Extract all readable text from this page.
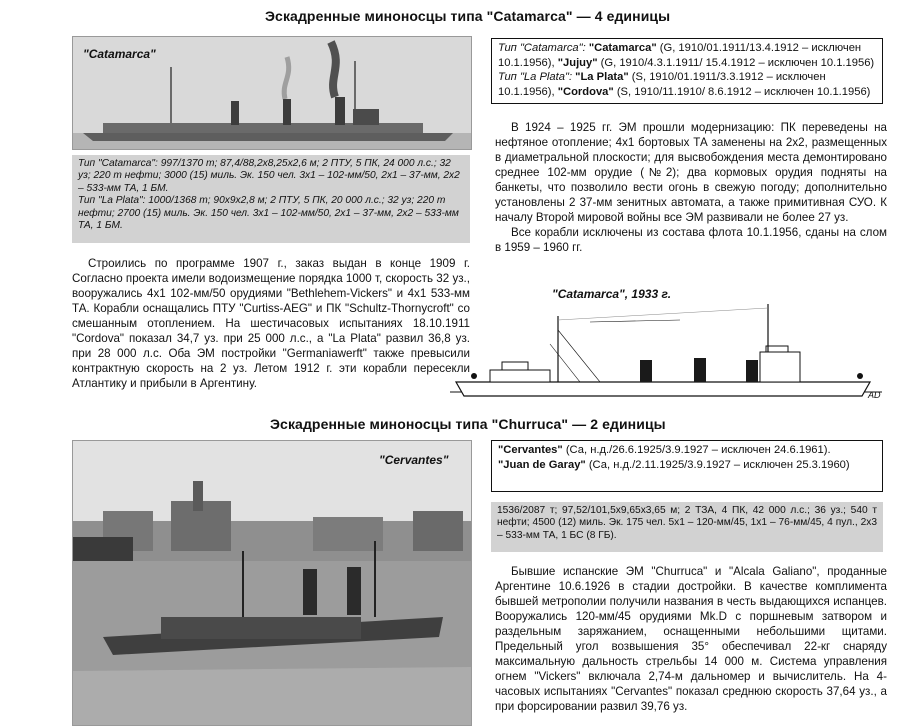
Эскадренные миноносцы типа "Catamarca" — 4 единицы
"Catamarca"

Тип "Catamarca": 997/1370 т; 87,4/88,2x8,25x2,6 м; 2 ПТУ, 5 ПК, 24 000 л.с.; 32 уз; 220 т нефти; 3000 (15) миль. Эк. 150 чел. 3x1 – 102-мм/50, 2x1 – 37-мм, 2x2 – 533-мм ТА, 1 БМ.

Тип "La Plata": 1000/1368 т; 90x9x2,8 м; 2 ПТУ, 5 ПК, 20 000 л.с.; 32 уз; 220 т нефти; 2700 (15) миль. Эк. 150 чел. 3x1 – 102-мм/50, 2x1 – 37-мм, 2x2 – 533-мм ТА, 1 БМ.

Строились по программе 1907 г., заказ выдан в конце 1909 г. Согласно проекта имели водоизмещение порядка 1000 т, скорость 32 уз., вооружались 4x1 102-мм/50 орудиями "Bethlehem-Vickers" и 4x1 533-мм ТА. Корабли оснащались ПТУ "Curtiss-AEG" и ПК "Schultz-Thornycroft" со смешанным отоплением. На шестичасовых испытаниях 18.10.1911 "Cordova" показал 34,7 уз. при 25 000 л.с., а "La Plata" развил 36,8 уз. при 28 000 л.с. Оба ЭМ постройки "Germaniawerft" также превысили контрактную скорость на 2 уз. Летом 1912 г. эти корабли пересекли Атлантику и прибыли в Аргентину.

Тип "Catamarca": "Catamarca" (G, 1910/01.1911/13.4.1912 – исключен 10.1.1956), "Jujuy" (G, 1910/4.3.1.1911/ 15.4.1912 – исключен 10.1.1956)

Тип "La Plata": "La Plata" (S, 1910/01.1911/3.3.1912 – исключен 10.1.1956), "Cordova" (S, 1910/11.1910/ 8.6.1912 – исключен 10.1.1956)

В 1924 – 1925 гг. ЭМ прошли модернизацию: ПК переведены на нефтяное отопление; 4x1 бортовых ТА заменены на 2x2, размещенных в диаметральной плоскости; для высвобождения места демонтировано среднее 102-мм орудие (№2); два кормовых орудия подняты на банкеты, что позволило вести огонь в свежую погоду; дополнительно установлены 2 37-мм зенитных автомата, а также примитивная СУО. К началу Второй мировой войны все ЭМ развивали не более 27 уз.

Все корабли исключены из состава флота 10.1.1956, сданы на слом в 1959 – 1960 гг.

"Catamarca", 1933 г.
АD
Эскадренные миноносцы типа "Churruca" — 2 единицы
"Cervantes"

"Cervantes" (Са, н.д./26.6.1925/3.9.1927 – исключен 24.6.1961).

"Juan de Garay" (Са, н.д./2.11.1925/3.9.1927 – исключен 25.3.1960)

1536/2087 т; 97,52/101,5x9,65x3,65 м; 2 ТЗА, 4 ПК, 42 000 л.с.; 36 уз.; 540 т нефти; 4500 (12) миль. Эк. 175 чел. 5x1 – 120-мм/45, 1x1 – 76-мм/45, 4 пул., 2x3 – 533-мм ТА, 1 БС (8 ГБ).

Бывшие испанские ЭМ "Churruca" и "Alcala Galiano", проданные Аргентине 10.6.1926 в стадии достройки. В качестве комплимента бывшей метрополии получили названия в честь выдающихся испанцев. Вооружались 120-мм/45 орудиями Mk.D с поршневым затвором и раздельным заряжанием, оснащенными небольшими щитами. Предельный угол возвышения 35° обеспечивал 22-кг снаряду максимальную дальность стрельбы 14 000 м. Система управления огнем "Vickers" включала 2,74-м дальномер и вычислитель. На 4-часовых испытаниях "Cervantes" показал среднюю скорость 37,64 уз., а при форсировании развил 39,76 уз.
